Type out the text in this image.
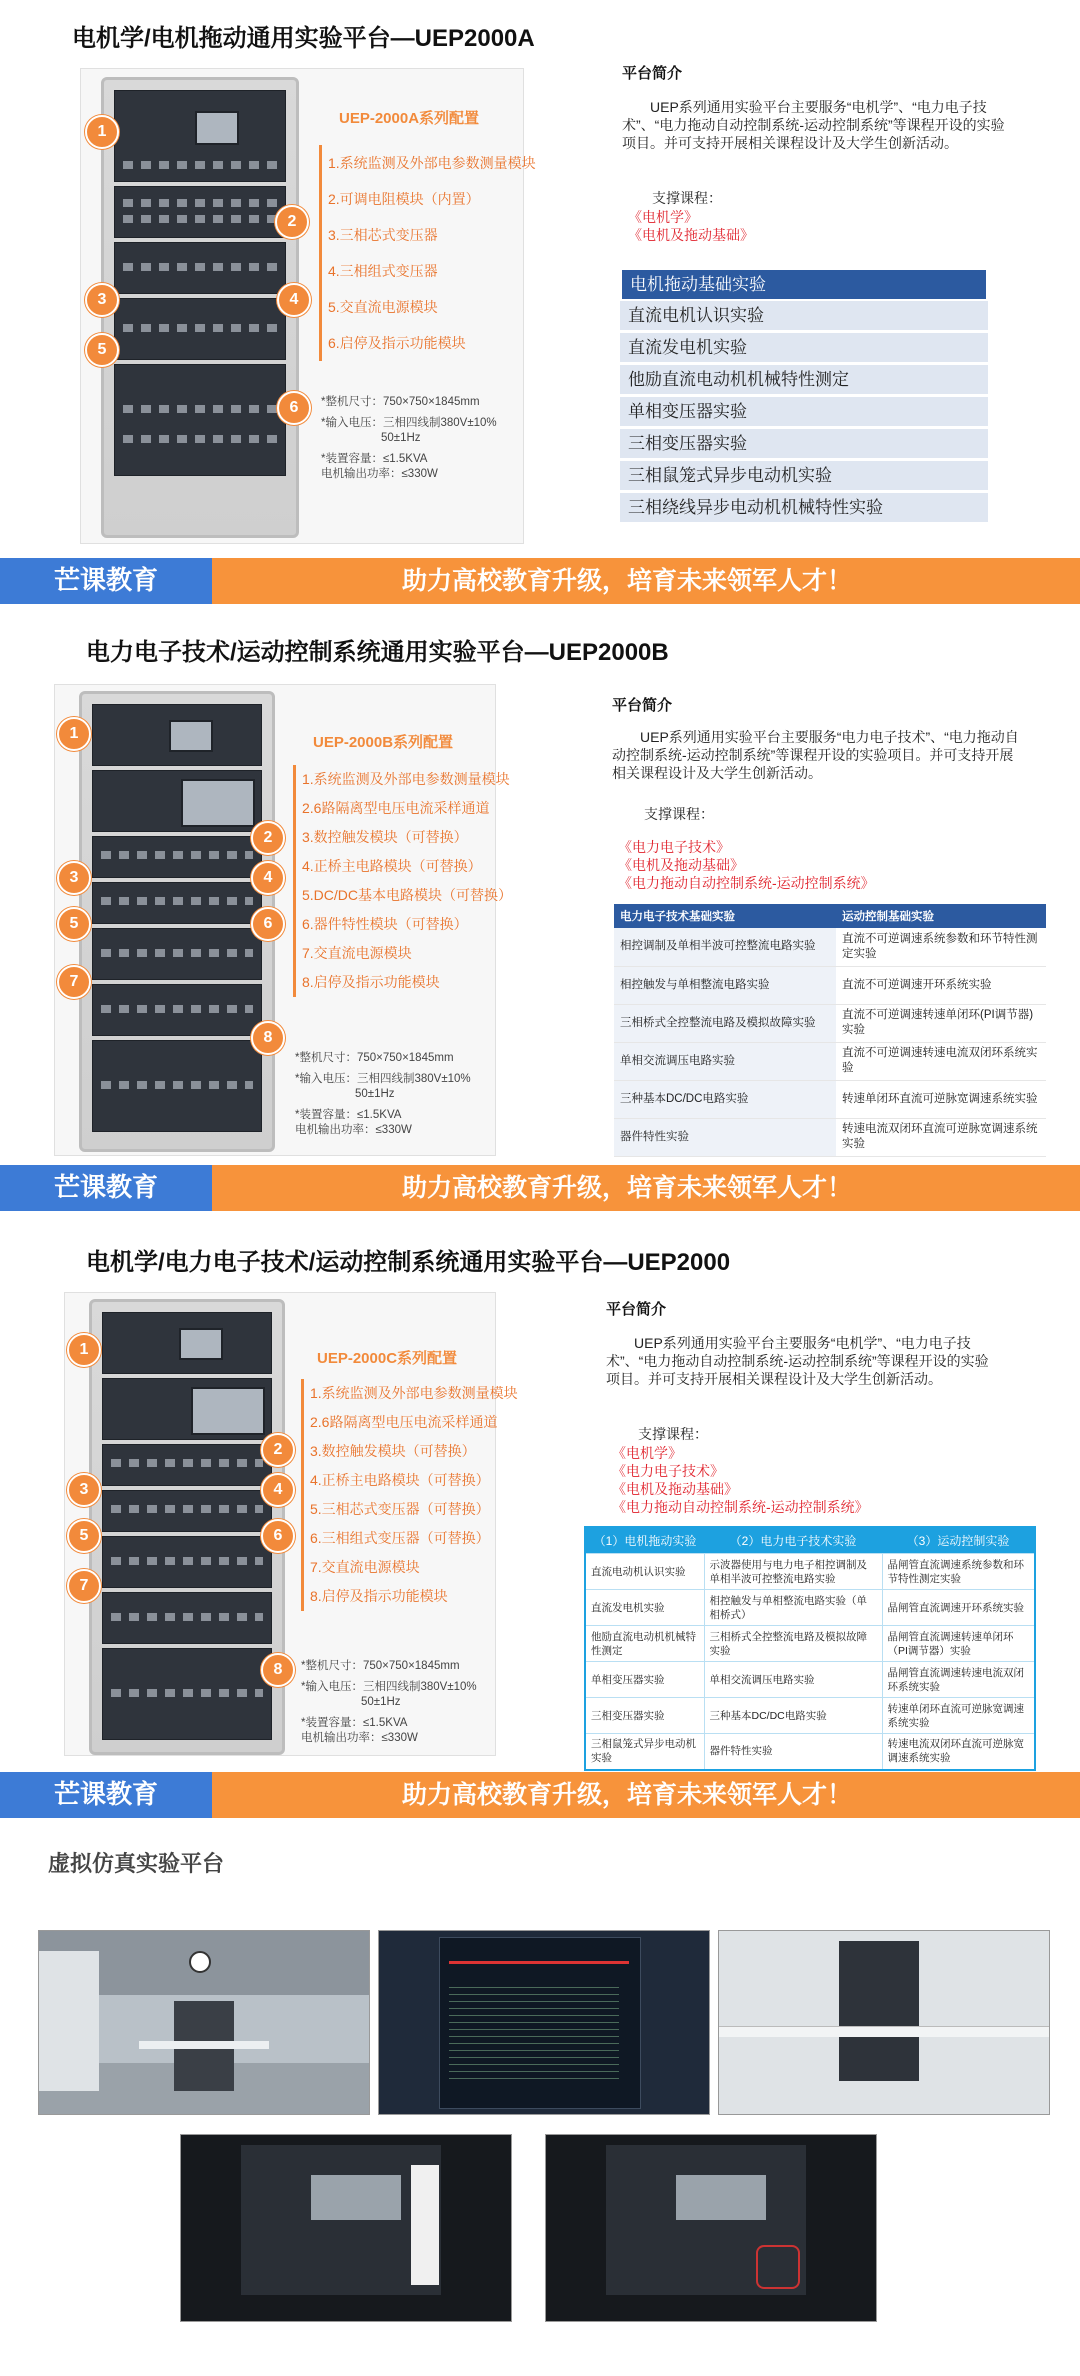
电机学/电机拖动通用实验平台—UEP2000A
1
2
3	4
5
6
UEP-2000A系列配置
1.系统监测及外部电参数测量模块
2.可调电阻模块（内置）
3.三相芯式变压器
4.三相组式变压器
5.交直流电源模块
6.启停及指示功能模块
*整机尺寸：750×750×1845mm
*输入电压：三相四线制380V±10%
50±1Hz
*装置容量：≤1.5KVA
电机输出功率：≤330W
平台简介
UEP系列通用实验平台主要服务“电机学”、“电力电子技术”、“电力拖动自动控制系统-运动控制系统”等课程开设的实验项目。并可支持开展相关课程设计及大学生创新活动。
支撑课程：
《电机学》
《电机及拖动基础》
电机拖动基础实验
直流电机认识实验
直流发电机实验
他励直流电动机机械特性测定
单相变压器实验
三相变压器实验
三相鼠笼式异步电动机实验
三相绕线异步电动机机械特性实验
芒课教育	助力高校教育升级，培育未来领军人才！
电力电子技术/运动控制系统通用实验平台—UEP2000B
1
2
3	4
5	6
7
8
UEP-2000B系列配置
1.系统监测及外部电参数测量模块
2.6路隔离型电压电流采样通道
3.数控触发模块（可替换）
4.正桥主电路模块（可替换）
5.DC/DC基本电路模块（可替换）
6.器件特性模块（可替换）
7.交直流电源模块
8.启停及指示功能模块
*整机尺寸：750×750×1845mm
*输入电压：三相四线制380V±10%
50±1Hz
*装置容量：≤1.5KVA
电机输出功率：≤330W
平台简介
UEP系列通用实验平台主要服务“电力电子技术”、“电力拖动自动控制系统-运动控制系统”等课程开设的实验项目。并可支持开展相关课程设计及大学生创新活动。
支撑课程：
《电力电子技术》
《电机及拖动基础》
《电力拖动自动控制系统-运动控制系统》
电力电子技术基础实验	运动控制基础实验
相控调制及单相半波可控整流电路实验	直流不可逆调速系统参数和环节特性测定实验
相控触发与单相整流电路实验	直流不可逆调速开环系统实验
三相桥式全控整流电路及模拟故障实验	直流不可逆调速转速单闭环(PI调节器)实验
单相交流调压电路实验	直流不可逆调速转速电流双闭环系统实验
三种基本DC/DC电路实验	转速单闭环直流可逆脉宽调速系统实验
器件特性实验	转速电流双闭环直流可逆脉宽调速系统实验
芒课教育	助力高校教育升级，培育未来领军人才！
电机学/电力电子技术/运动控制系统通用实验平台—UEP2000
1
2
3	4
5	6
7
8
UEP-2000C系列配置
1.系统监测及外部电参数测量模块
2.6路隔离型电压电流采样通道
3.数控触发模块（可替换）
4.正桥主电路模块（可替换）
5.三相芯式变压器（可替换）
6.三相组式变压器（可替换）
7.交直流电源模块
8.启停及指示功能模块
*整机尺寸：750×750×1845mm
*输入电压：三相四线制380V±10%
50±1Hz
*装置容量：≤1.5KVA
电机输出功率：≤330W
平台简介
UEP系列通用实验平台主要服务“电机学”、“电力电子技术”、“电力拖动自动控制系统-运动控制系统”等课程开设的实验项目。并可支持开展相关课程设计及大学生创新活动。
支撑课程：
《电机学》
《电力电子技术》
《电机及拖动基础》
《电力拖动自动控制系统-运动控制系统》
（1）电机拖动实验	（2）电力电子技术实验	（3）运动控制实验
直流电动机认识实验	示波器使用与电力电子相控调制及单相半波可控整流电路实验	晶闸管直流调速系统参数和环节特性测定实验
直流发电机实验	相控触发与单相整流电路实验（单相桥式）	晶闸管直流调速开环系统实验
他励直流电动机机械特性测定	三相桥式全控整流电路及模拟故障实验	晶闸管直流调速转速单闭环（PI调节器）实验
单相变压器实验	单相交流调压电路实验	晶闸管直流调速转速电流双闭环系统实验
三相变压器实验	三种基本DC/DC电路实验	转速单闭环直流可逆脉宽调速系统实验
三相鼠笼式异步电动机实验	器件特性实验	转速电流双闭环直流可逆脉宽调速系统实验
芒课教育	助力高校教育升级，培育未来领军人才！
虚拟仿真实验平台
